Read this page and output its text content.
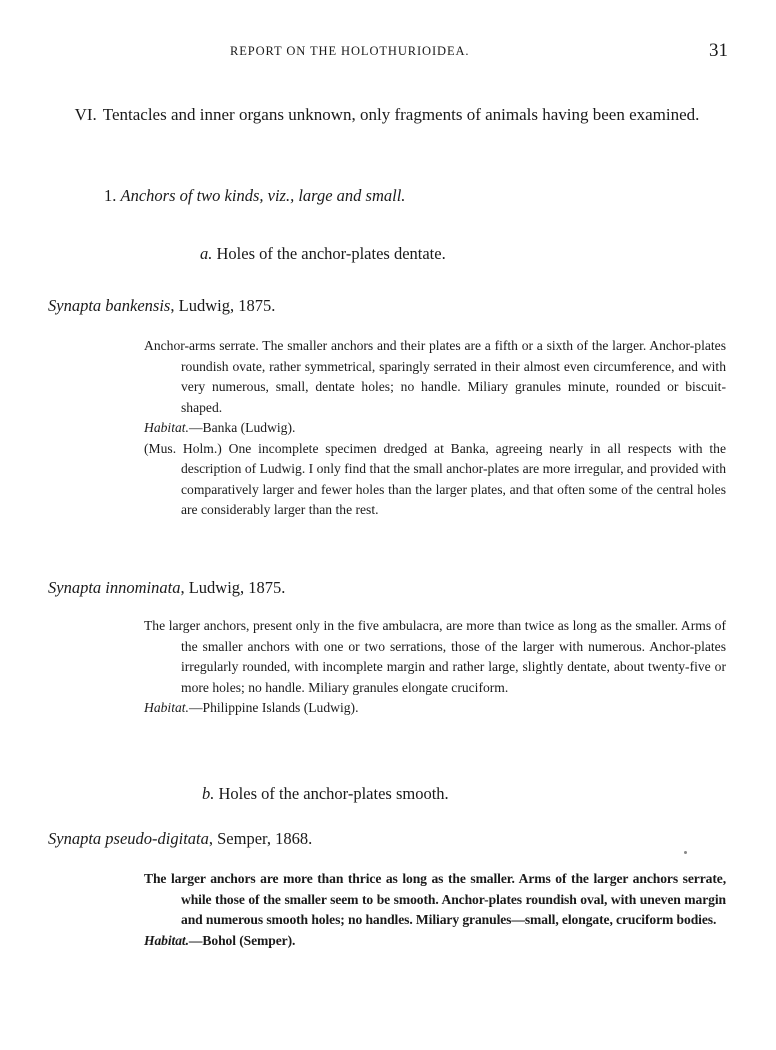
REPORT ON THE HOLOTHURIOIDEA.	31
VI. Tentacles and inner organs unknown, only fragments of animals having been examined.
1. Anchors of two kinds, viz., large and small.
a. Holes of the anchor-plates dentate.
Synapta bankensis, Ludwig, 1875.

Anchor-arms serrate. The smaller anchors and their plates are a fifth or a sixth of the larger. Anchor-plates roundish ovate, rather symmetrical, sparingly serrated in their almost even circumference, and with very numerous, small, dentate holes; no handle. Miliary granules minute, rounded or biscuit-shaped.

Habitat.—Banka (Ludwig).

(Mus. Holm.) One incomplete specimen dredged at Banka, agreeing nearly in all respects with the description of Ludwig. I only find that the small anchor-plates are more irregular, and provided with comparatively larger and fewer holes than the larger plates, and that often some of the central holes are considerably larger than the rest.

Synapta innominata, Ludwig, 1875.

The larger anchors, present only in the five ambulacra, are more than twice as long as the smaller. Arms of the smaller anchors with one or two serrations, those of the larger with numerous. Anchor-plates irregularly rounded, with incomplete margin and rather large, slightly dentate, about twenty-five or more holes; no handle. Miliary granules elongate cruciform.

Habitat.—Philippine Islands (Ludwig).

b. Holes of the anchor-plates smooth.
Synapta pseudo-digitata, Semper, 1868.

The larger anchors are more than thrice as long as the smaller. Arms of the larger anchors serrate, while those of the smaller seem to be smooth. Anchor-plates roundish oval, with uneven margin and numerous smooth holes; no handles. Miliary granules—small, elongate, cruciform bodies.

Habitat.—Bohol (Semper).
